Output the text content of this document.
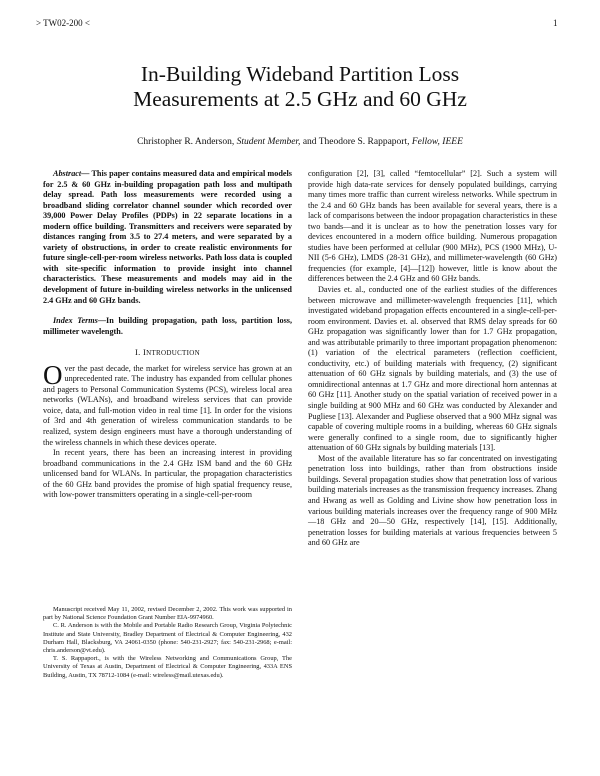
> TW02-200 <	1
In-Building Wideband Partition Loss
Measurements at 2.5 GHz and 60 GHz
Christopher R. Anderson, Student Member, and Theodore S. Rappaport, Fellow, IEEE

Abstract— This paper contains measured data and empirical models for 2.5 & 60 GHz in-building propagation path loss and multipath delay spread. Path loss measurements were recorded using a broadband sliding correlator channel sounder which recorded over 39,000 Power Delay Profiles (PDPs) in 22 separate locations in a modern office building. Transmitters and receivers were separated by distances ranging from 3.5 to 27.4 meters, and were separated by a variety of obstructions, in order to create realistic environments for future single-cell-per-room wireless networks. Path loss data is coupled with site-specific information to provide insight into channel characteristics. These measurements and models may aid in the development of future in-building wireless networks in the unlicensed 2.4 GHz and 60 GHz bands.

Index Terms—In building propagation, path loss, partition loss, millimeter wavelength.

I. INTRODUCTION

Over the past decade, the market for wireless service has grown at an unprecedented rate. The industry has expanded from cellular phones and pagers to Personal Communication Systems (PCS), wireless local area networks (WLANs), and broadband wireless services that can provide voice, data, and full-motion video in real time [1]. In order for the visions of 3rd and 4th generation of wireless communication standards to be realized, system design engineers must have a thorough understanding of the wireless channels in which these devices operate.

In recent years, there has been an increasing interest in providing broadband communications in the 2.4 GHz ISM band and the 60 GHz unlicensed band for WLANs. In particular, the propagation characteristics of the 60 GHz band provides the promise of high spatial frequency reuse, with low-power transmitters operating in a single-cell-per-room

Manuscript received May 11, 2002, revised December 2, 2002. This work was supported in part by National Science Foundation Grant Number EIA-9974960.

C. R. Anderson is with the Mobile and Portable Radio Research Group, Virginia Polytechnic Institute and State University, Bradley Department of Electrical & Computer Engineering, 432 Durham Hall, Blacksburg, VA 24061-0350 (phone: 540-231-2927; fax: 540-231-2968; e-mail: chris.anderson@vt.edu).

T. S. Rappaport., is with the Wireless Networking and Communications Group, The University of Texas at Austin, Department of Electrical & Computer Engineering, 433A ENS Building, Austin, TX 78712-1084 (e-mail: wireless@mail.utexas.edu).

configuration [2], [3], called “femtocellular” [2]. Such a system will provide high data-rate services for densely populated buildings, carrying many times more traffic than current wireless networks. While spectrum in the 2.4 and 60 GHz bands has been available for several years, there is a lack of comparisons between the indoor propagation characteristics in these two bands—and it is unclear as to how the penetration losses vary for devices encountered in a modern office building. Numerous propagation studies have been performed at cellular (900 MHz), PCS (1900 MHz), U-NII (5-6 GHz), LMDS (28-31 GHz), and millimeter-wavelength (60 GHz) frequencies (for example, [4]—[12]) however, little is know about the differences between the 2.4 GHz and 60 GHz bands.

Davies et. al., conducted one of the earliest studies of the differences between microwave and millimeter-wavelength frequencies [11], which investigated wideband propagation effects encountered in a single-cell-per-room environment. Davies et. al. observed that RMS delay spreads for 60 GHz propagation was significantly lower than for 1.7 GHz propagation, and was attributable primarily to three important propagation phenomenon: (1) variation of the electrical parameters (reflection coefficient, conductivity, etc.) of building materials with frequency, (2) significant attenuation of 60 GHz signals by building materials, and (3) the use of omnidirectional antennas at 1.7 GHz and more directional horn antennas at 60 GHz [11]. Another study on the spatial variation of received power in a single building at 900 MHz and 60 GHz was conducted by Alexander and Pugliese [13]. Alexander and Pugliese observed that a 900 MHz signal was capable of covering multiple rooms in a building, whereas 60 GHz signals were generally confined to a single room, due to significantly higher attenuation of 60 GHz signals by building materials [13].

Most of the available literature has so far concentrated on investigating penetration loss into buildings, rather than from obstructions inside buildings. Several propagation studies show that penetration loss of various building materials increases as the transmission frequency increases. Zhang and Hwang as well as Golding and Livine show how penetration loss in various building materials increases over the frequency range of 900 MHz—18 GHz and 20—50 GHz, respectively [14], [15]. Additionally, penetration losses for building materials at various frequencies between 5 and 60 GHz are
